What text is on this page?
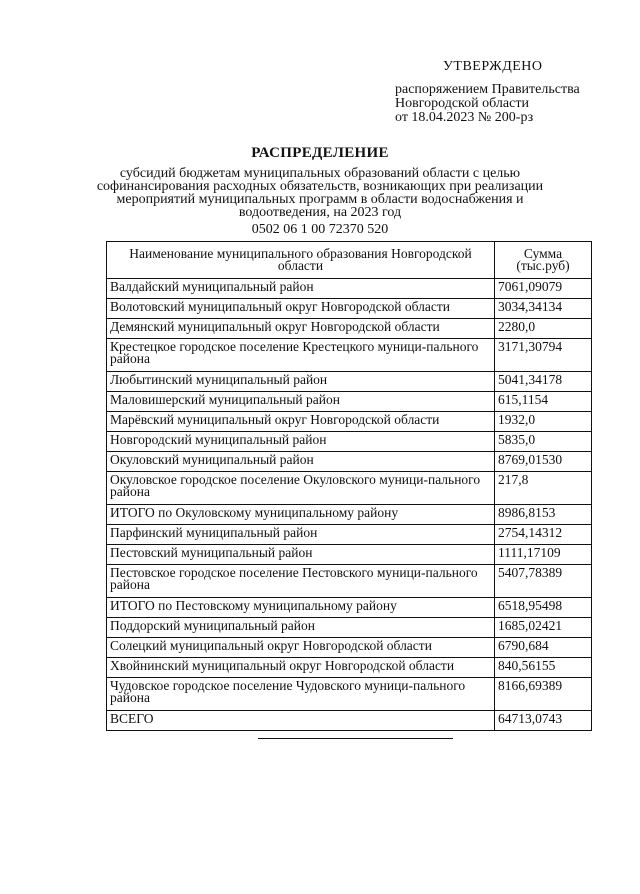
УТВЕРЖДЕНО
распоряжением Правительства
Новгородской области
от 18.04.2023 № 200-рз
РАСПРЕДЕЛЕНИЕ
субсидий бюджетам муниципальных образований области с целью софинансирования расходных обязательств, возникающих при реализации мероприятий муниципальных программ в области водоснабжения и водоотведения, на 2023 год
0502 06 1 00 72370 520
Наименование муниципального образования Новгородской области	Сумма (тыс.руб)
Валдайский муниципальный район	7061,09079
Волотовский муниципальный округ Новгородской области	3034,34134
Демянский муниципальный округ Новгородской области	2280,0
Крестецкое городское поселение Крестецкого муници-пального района	3171,30794
Любытинский муниципальный район	5041,34178
Маловишерский муниципальный район	615,1154
Марёвский муниципальный округ Новгородской области	1932,0
Новгородский муниципальный район	5835,0
Окуловский муниципальный район	8769,01530
Окуловское городское поселение Окуловского муници-пального района	217,8
ИТОГО по Окуловскому муниципальному району	8986,8153
Парфинский муниципальный район	2754,14312
Пестовский муниципальный район	1111,17109
Пестовское городское поселение Пестовского муници-пального района	5407,78389
ИТОГО по Пестовскому муниципальному району	6518,95498
Поддорский муниципальный район	1685,02421
Солецкий муниципальный округ Новгородской области	6790,684
Хвойнинский муниципальный округ Новгородской области	840,56155
Чудовское городское поселение Чудовского муници-пального района	8166,69389
ВСЕГО	64713,0743
